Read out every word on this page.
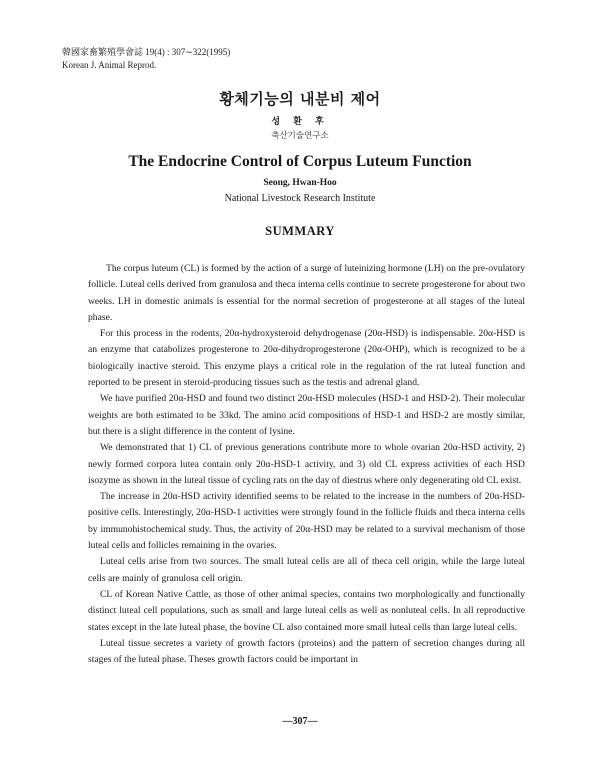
韓國家畜繁殖學會誌 19(4) : 307∼322(1995)
Korean J. Animal Reprod.
황체기능의 내분비 제어
성 환 후
축산기술연구소
The Endocrine Control of Corpus Luteum Function
Seong, Hwan-Hoo
National Livestock Research Institute
SUMMARY

The corpus luteum (CL) is formed by the action of a surge of luteinizing hormone (LH) on the pre-ovulatory follicle. Luteal cells derived from granulosa and theca interna cells continue to secrete progesterone for about two weeks. LH in domestic animals is essential for the normal secretion of progesterone at all stages of the luteal phase.

For this process in the rodents, 20α-hydroxysteroid dehydrogenase (20α-HSD) is indispensable. 20α-HSD is an enzyme that catabolizes progesterone to 20α-dihydroprogesterone (20α-OHP), which is recognized to be a biologically inactive steroid. This enzyme plays a critical role in the regulation of the rat luteal function and reported to be present in steroid-producing tissues such as the testis and adrenal gland.

We have purified 20α-HSD and found two distinct 20α-HSD molecules (HSD-1 and HSD-2). Their molecular weights are both estimated to be 33kd. The amino acid compositions of HSD-1 and HSD-2 are mostly similar, but there is a slight difference in the content of lysine.

We demonstrated that 1) CL of previous generations contribute more to whole ovarian 20α-HSD activity, 2) newly formed corpora lutea contain only 20α-HSD-1 activity, and 3) old CL express activities of each HSD isozyme as shown in the luteal tissue of cycling rats on the day of diestrus where only degenerating old CL exist.

The increase in 20α-HSD activity identified seems to be related to the increase in the numbers of 20α-HSD-positive cells. Interestingly, 20α-HSD-1 activities were strongly found in the follicle fluids and theca interna cells by immunohistochemical study. Thus, the activity of 20α-HSD may be related to a survival mechanism of those luteal cells and follicles remaining in the ovaries.

Luteal cells arise from two sources. The small luteal cells are all of theca cell origin, while the large luteal cells are mainly of granulosa cell origin.

CL of Korean Native Cattle, as those of other animal species, contains two morphologically and functionally distinct luteal cell populations, such as small and large luteal cells as well as nonluteal cells. In all reproductive states except in the late luteal phase, the bovine CL also contained more small luteal cells than large luteal cells.

Luteal tissue secretes a variety of growth factors (proteins) and the pattern of secretion changes during all stages of the luteal phase. Theses growth factors could be important in

—307—
